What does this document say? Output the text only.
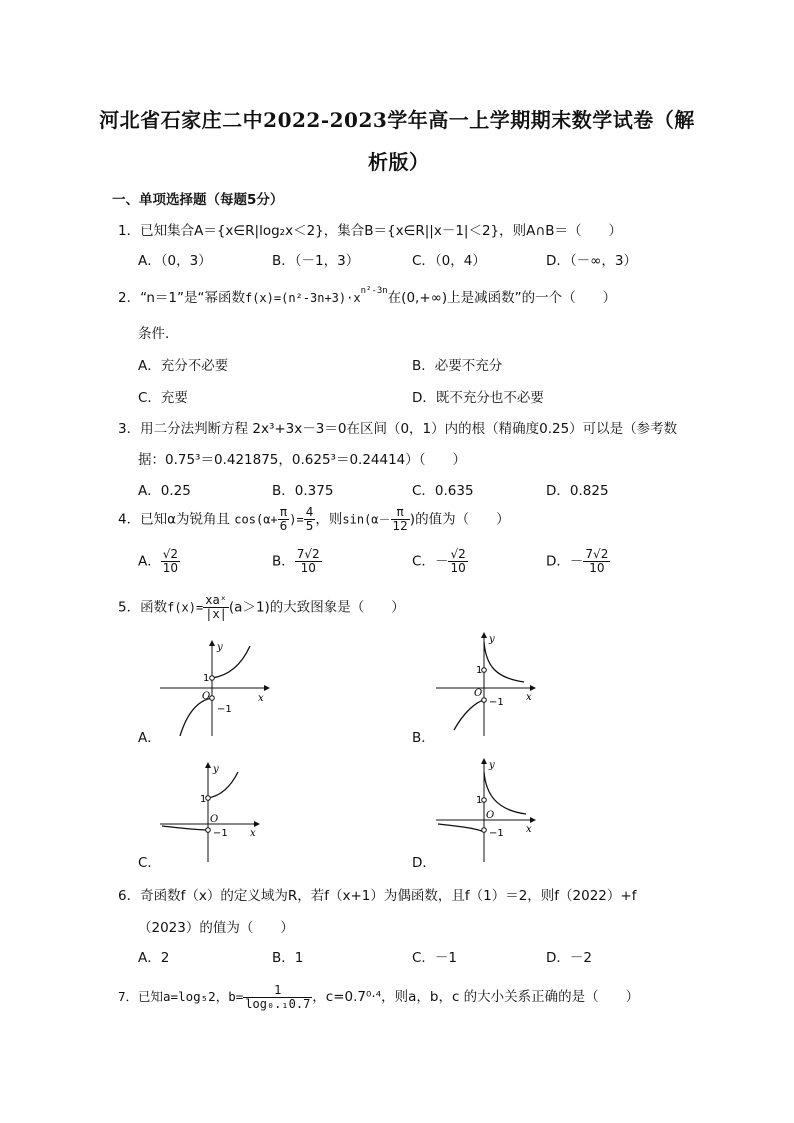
河北省石家庄二中2022-2023学年高一上学期期末数学试卷（解
析版）
一、单项选择题（每题5分）
1．已知集合A＝{x∈R|log₂x＜2}，集合B＝{x∈R||x－1|＜2}，则A∩B＝（　　）
A．（0，3）	B．（－1，3）	C．（0，4）	D．（－∞，3）
2．“n＝1”是“幂函数$f(x)=(n^2-3n+3)\cdot x^{n^2-3n}$在(0,+∞)上是减函数”的一个（　　）
条件．
A．充分不必要	B．必要不充分
C．充要	D．既不充分也不必要
3．用二分法判断方程 2x³+3x－3＝0在区间（0，1）内的根（精确度0.25）可以是（参考数
据：0.75³＝0.421875，0.625³＝0.24414）（　　）
A．0.25	B．0.375	C．0.635	D．0.825
4．已知α为锐角且 $\cos(\alpha+ \frac{\pi}{6}$ )= $\frac{4}{5}$ ，则$\sin(\alpha- \frac{\pi}{12}$ )的值为（　　）
A． $\frac{√2}{10}$	B． $\frac{7√2}{10}$	C．－ $\frac{√2}{10}$	D．－ $\frac{7√2}{10}$
5．函数$f(x)= \frac{\text{xaˣ}}{|x|} (a>1)$的大致图象是（　　）
y
x
O
1
−1
A．
y
x
O
1
−1
B．
y
x
O
1
−1
C．
y
x
O
1
−1
D．
6．奇函数f（x）的定义域为R，若f（x+1）为偶函数，且f（1）＝2，则f（2022）+f
（2023）的值为（　　）
A．2	B．1	C．－1	D．－2
7．已知a=log₅2，$b= \frac{1}{\text{log₀.₁0.7}}$ ，c=0.7⁰·⁴，则a，b，c 的大小关系正确的是（　　）
